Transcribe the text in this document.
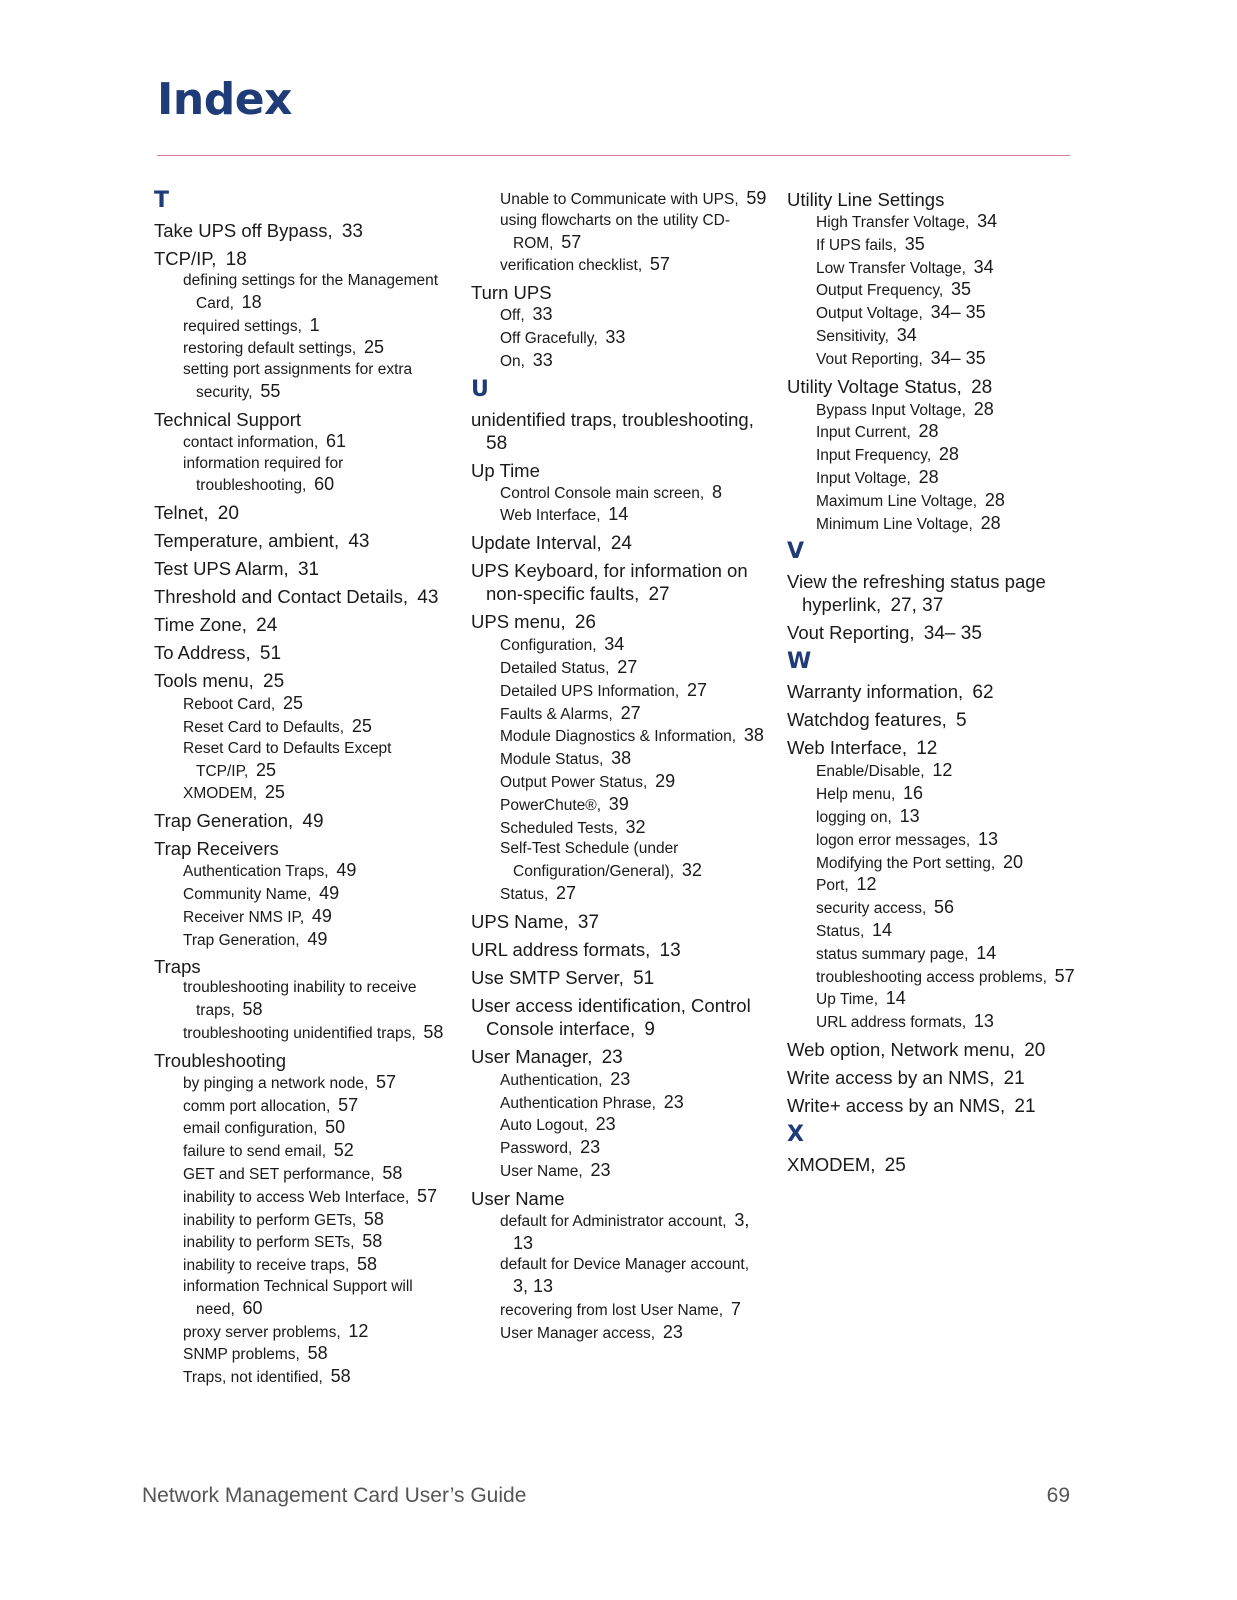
Index
T
Take UPS off Bypass,  33
TCP/IP,  18
defining settings for the Management Card,  18
required settings,  1
restoring default settings,  25
setting port assignments for extra security,  55
Technical Support
contact information,  61
information required for troubleshooting,  60
Telnet,  20
Temperature, ambient,  43
Test UPS Alarm,  31
Threshold and Contact Details,  43
Time Zone,  24
To Address,  51
Tools menu,  25
Reboot Card,  25
Reset Card to Defaults,  25
Reset Card to Defaults Except TCP/IP,  25
XMODEM,  25
Trap Generation,  49
Trap Receivers
Authentication Traps,  49
Community Name,  49
Receiver NMS IP,  49
Trap Generation,  49
Traps
troubleshooting inability to receive traps,  58
troubleshooting unidentified traps,  58
Troubleshooting
by pinging a network node,  57
comm port allocation,  57
email configuration,  50
failure to send email,  52
GET and SET performance,  58
inability to access Web Interface,  57
inability to perform GETs,  58
inability to perform SETs,  58
inability to receive traps,  58
information Technical Support will need,  60
proxy server problems,  12
SNMP problems,  58
Traps, not identified,  58
Unable to Communicate with UPS,  59
using flowcharts on the utility CD-ROM,  57
verification checklist,  57
Turn UPS
Off,  33
Off Gracefully,  33
On,  33
U
unidentified traps, troubleshooting, 58
Up Time
Control Console main screen,  8
Web Interface,  14
Update Interval,  24
UPS Keyboard, for information on non-specific faults,  27
UPS menu,  26
Configuration,  34
Detailed Status,  27
Detailed UPS Information,  27
Faults & Alarms,  27
Module Diagnostics & Information,  38
Module Status,  38
Output Power Status,  29
PowerChute®,  39
Scheduled Tests,  32
Self-Test Schedule (under Configuration/General),  32
Status,  27
UPS Name,  37
URL address formats,  13
Use SMTP Server,  51
User access identification, Control Console interface,  9
User Manager,  23
Authentication,  23
Authentication Phrase,  23
Auto Logout,  23
Password,  23
User Name,  23
User Name
default for Administrator account,  3, 13
default for Device Manager account, 3, 13
recovering from lost User Name,  7
User Manager access,  23
Utility Line Settings
High Transfer Voltage,  34
If UPS fails,  35
Low Transfer Voltage,  34
Output Frequency,  35
Output Voltage,  34– 35
Sensitivity,  34
Vout Reporting,  34– 35
Utility Voltage Status,  28
Bypass Input Voltage,  28
Input Current,  28
Input Frequency,  28
Input Voltage,  28
Maximum Line Voltage,  28
Minimum Line Voltage,  28
V
View the refreshing status page hyperlink,  27, 37
Vout Reporting,  34– 35
W
Warranty information,  62
Watchdog features,  5
Web Interface,  12
Enable/Disable,  12
Help menu,  16
logging on,  13
logon error messages,  13
Modifying the Port setting,  20
Port,  12
security access,  56
Status,  14
status summary page,  14
troubleshooting access problems,  57
Up Time,  14
URL address formats,  13
Web option, Network menu,  20
Write access by an NMS,  21
Write+ access by an NMS,  21
X
XMODEM,  25
Network Management Card User’s Guide	69
